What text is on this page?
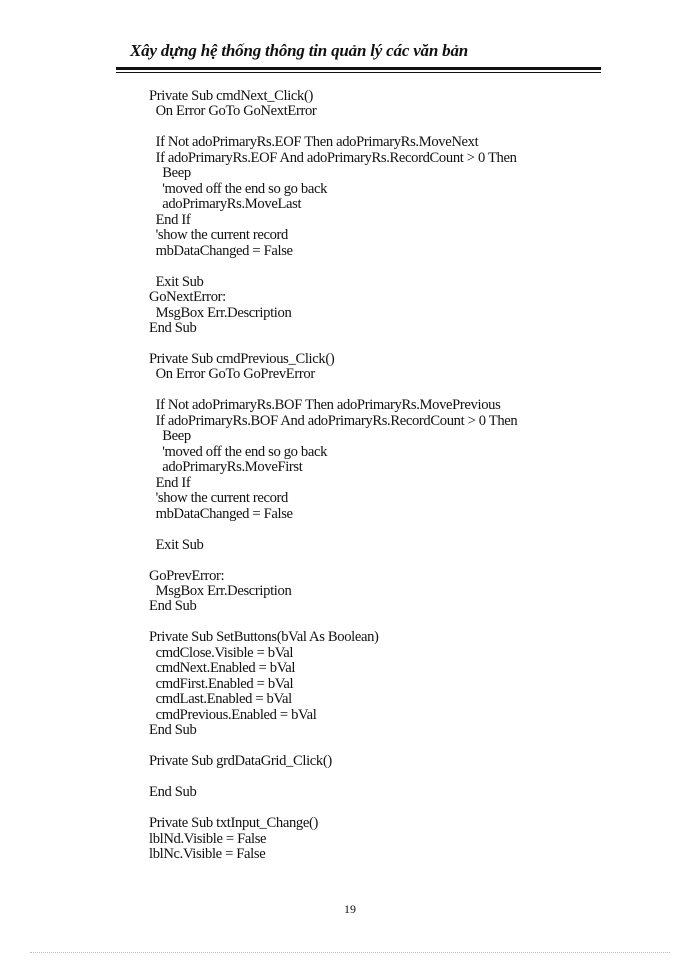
Xây dựng hệ thống thông tin quản lý các văn bản
Private Sub cmdNext_Click()
On Error GoTo GoNextError
If Not adoPrimaryRs.EOF Then adoPrimaryRs.MoveNext
If adoPrimaryRs.EOF And adoPrimaryRs.RecordCount > 0 Then
Beep
'moved off the end so go back
adoPrimaryRs.MoveLast
End If
'show the current record
mbDataChanged = False
Exit Sub
GoNextError:
MsgBox Err.Description
End Sub
Private Sub cmdPrevious_Click()
On Error GoTo GoPrevError
If Not adoPrimaryRs.BOF Then adoPrimaryRs.MovePrevious
If adoPrimaryRs.BOF And adoPrimaryRs.RecordCount > 0 Then
Beep
'moved off the end so go back
adoPrimaryRs.MoveFirst
End If
'show the current record
mbDataChanged = False
Exit Sub
GoPrevError:
MsgBox Err.Description
End Sub
Private Sub SetButtons(bVal As Boolean)
cmdClose.Visible = bVal
cmdNext.Enabled = bVal
cmdFirst.Enabled = bVal
cmdLast.Enabled = bVal
cmdPrevious.Enabled = bVal
End Sub
Private Sub grdDataGrid_Click()
End Sub
Private Sub txtInput_Change()
lblNd.Visible = False
lblNc.Visible = False
19
